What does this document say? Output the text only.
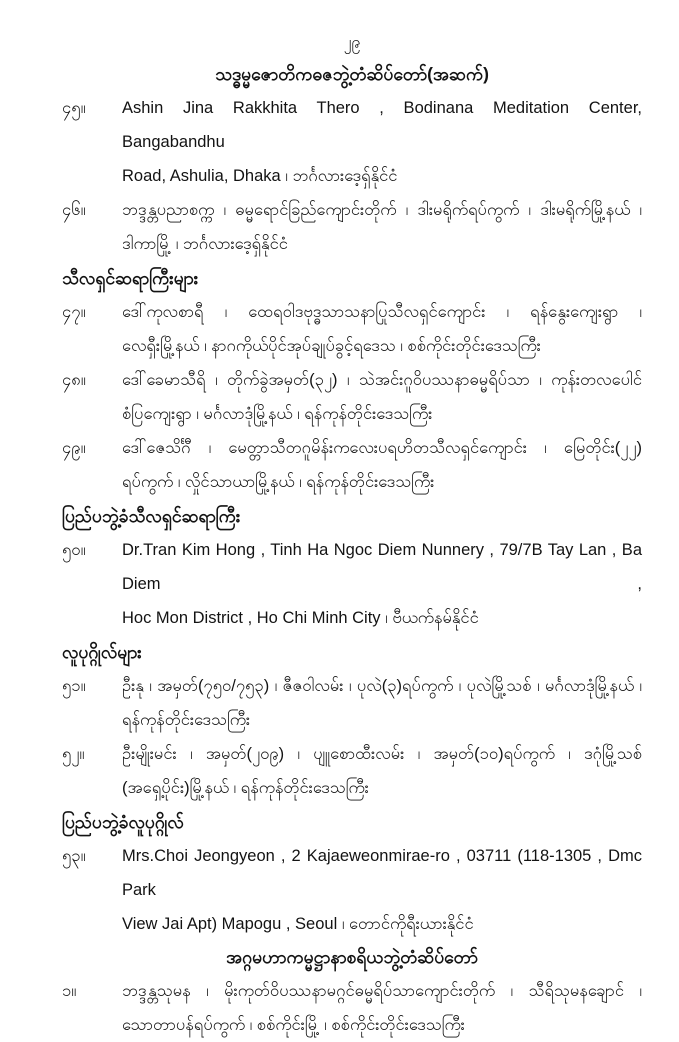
၂၉
သဒ္ဓမ္မဇောတိကဓဇဘွဲ့တံဆိပ်တော်(အဆက်)
၄၅။	Ashin Jina Rakkhita Thero , Bodinana Meditation Center, Bangabandhu
Road, Ashulia, Dhaka ၊ ဘင်္ဂလားဒေ့ရှ်နိုင်ငံ
၄၆။	ဘဒ္ဒန္တပညာစက္က ၊ ဓမ္မရောင်ခြည်ကျောင်းတိုက် ၊ ဒါးမရိုက်ရပ်ကွက် ၊ ဒါးမရိုက်မြို့နယ် ၊
ဒါကာမြို့ ၊ ဘင်္ဂလားဒေ့ရှ်နိုင်ငံ
သီလရှင်ဆရာကြီးများ
၄၇။	ဒေါ်ကုလစာရီ ၊ ထေရဝါဒဗုဒ္ဓသာသနာပြုသီလရှင်ကျောင်း ၊ ရန်နွေးကျေးရွာ ၊
လေရှီးမြို့နယ် ၊ နာဂကိုယ်ပိုင်အုပ်ချုပ်ခွင့်ရဒေသ ၊ စစ်ကိုင်းတိုင်းဒေသကြီး
၄၈။	ဒေါ်ခေမာသီရိ ၊ တိုက်ခွဲအမှတ်(၃၂) ၊ သဲအင်းဂူဝိပဿနာဓမ္မရိပ်သာ ၊ ကုန်းတလပေါင်
စံပြကျေးရွာ ၊ မင်္ဂလာဒုံမြို့နယ် ၊ ရန်ကုန်တိုင်းဒေသကြီး
၄၉။	ဒေါ်ဇေသိင်္ဂီ ၊ မေတ္တာသီတဂူမိန်းကလေးပရဟိတသီလရှင်ကျောင်း ၊ မြေတိုင်း(၂၂)
ရပ်ကွက် ၊ လှိုင်သာယာမြို့နယ် ၊ ရန်ကုန်တိုင်းဒေသကြီး
ပြည်ပဘွဲ့ခံသီလရှင်ဆရာကြီး
၅၀။	Dr.Tran Kim Hong , Tinh Ha Ngoc Diem Nunnery , 79/7B Tay Lan , Ba Diem ,
Hoc Mon District , Ho Chi Minh City ၊ ဗီယက်နမ်နိုင်ငံ
လူပုဂ္ဂိုလ်များ
၅၁။	ဦးနု ၊ အမှတ်(၇၅၀/၇၅၃) ၊ ဇီဇဝါလမ်း ၊ ပုလဲ(၃)ရပ်ကွက် ၊ ပုလဲမြို့သစ် ၊ မင်္ဂလာဒုံမြို့နယ် ၊
ရန်ကုန်တိုင်းဒေသကြီး
၅၂။	ဦးမျိုးမင်း ၊ အမှတ်(၂၀၉) ၊ ပျူစောထီးလမ်း ၊ အမှတ်(၁၀)ရပ်ကွက် ၊ ဒဂုံမြို့သစ်
(အရှေ့ပိုင်း)မြို့နယ် ၊ ရန်ကုန်တိုင်းဒေသကြီး
ပြည်ပဘွဲ့ခံလူပုဂ္ဂိုလ်
၅၃။	Mrs.Choi Jeongyeon , 2 Kajaeweonmirae-ro , 03711 (118-1305 , Dmc Park
View Jai Apt) Mapogu , Seoul ၊ တောင်ကိုရီးယားနိုင်ငံ
အဂ္ဂမဟာကမ္မဋ္ဌာနာစရိယဘွဲ့တံဆိပ်တော်
၁။	ဘဒ္ဒန္တသုမန ၊ မိုးကုတ်ဝိပဿနာမဂ္ဂင်ဓမ္မရိပ်သာကျောင်းတိုက် ၊ သီရိသုမနချောင် ၊
သောတာပန်ရပ်ကွက် ၊ စစ်ကိုင်းမြို့ ၊ စစ်ကိုင်းတိုင်းဒေသကြီး
